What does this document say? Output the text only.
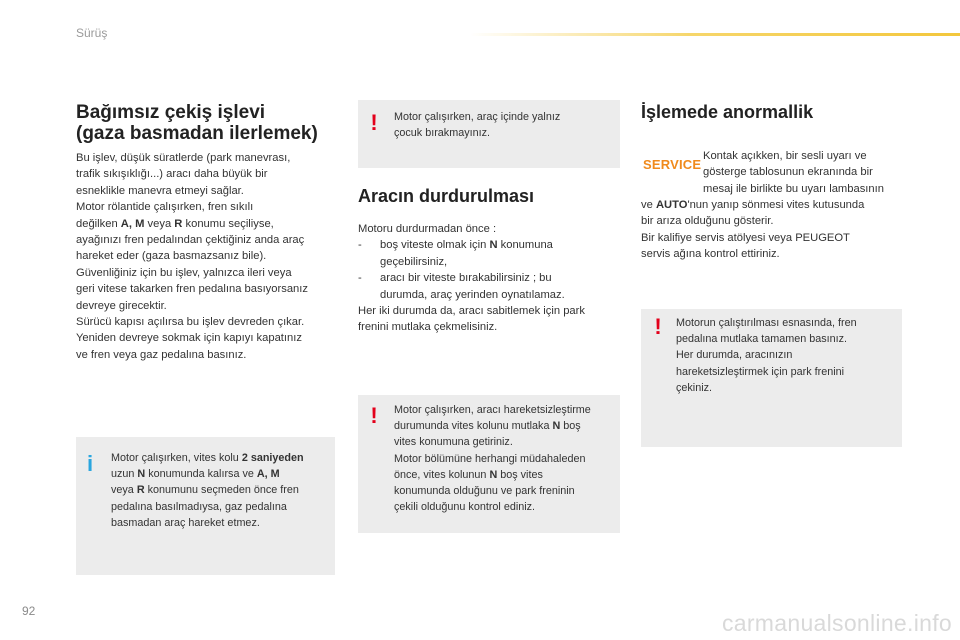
Sürüş
Bağımsız çekiş işlevi
(gaza basmadan ilerlemek)
Bu işlev, düşük süratlerde (park manevrası,
trafik sıkışıklığı...) aracı daha büyük bir
esneklikle manevra etmeyi sağlar.
Motor rölantide çalışırken, fren sıkılı
değilken A, M veya R konumu seçiliyse,
ayağınızı fren pedalından çektiğiniz anda araç
hareket eder (gaza basmazsanız bile).
Güvenliğiniz için bu işlev, yalnızca ileri veya
geri vitese takarken fren pedalına basıyorsanız
devreye girecektir.
Sürücü kapısı açılırsa bu işlev devreden çıkar.
Yeniden devreye sokmak için kapıyı kapatınız
ve fren veya gaz pedalına basınız.
i Motor çalışırken, vites kolu 2 saniyeden
uzun N konumunda kalırsa ve A, M
veya R konumunu seçmeden önce fren
pedalına basılmadıysa, gaz pedalına
basmadan araç hareket etmez.
! Motor çalışırken, araç içinde yalnız
çocuk bırakmayınız.
Aracın durdurulması
Motoru durdurmadan önce :
- boş viteste olmak için N konumuna
geçebilirsiniz,
- aracı bir viteste bırakabilirsiniz ; bu
durumda, araç yerinden oynatılamaz.
Her iki durumda da, aracı sabitlemek için park
frenini mutlaka çekmelisiniz.
! Motor çalışırken, aracı hareketsizleştirme
durumunda vites kolunu mutlaka N boş
vites konumuna getiriniz.
Motor bölümüne herhangi müdahaleden
önce, vites kolunun N boş vites
konumunda olduğunu ve park freninin
çekili olduğunu kontrol ediniz.
İşlemede anormallik
SERVICE
Kontak açıkken, bir sesli uyarı ve
gösterge tablosunun ekranında bir
mesaj ile birlikte bu uyarı lambasının
ve AUTO'nun yanıp sönmesi vites kutusunda
bir arıza olduğunu gösterir.
Bir kalifiye servis atölyesi veya PEUGEOT
servis ağına kontrol ettiriniz.
! Motorun çalıştırılması esnasında, fren
pedalına mutlaka tamamen basınız.
Her durumda, aracınızın
hareketsizleştirmek için park frenini
çekiniz.
92	carmanualsonline.info
